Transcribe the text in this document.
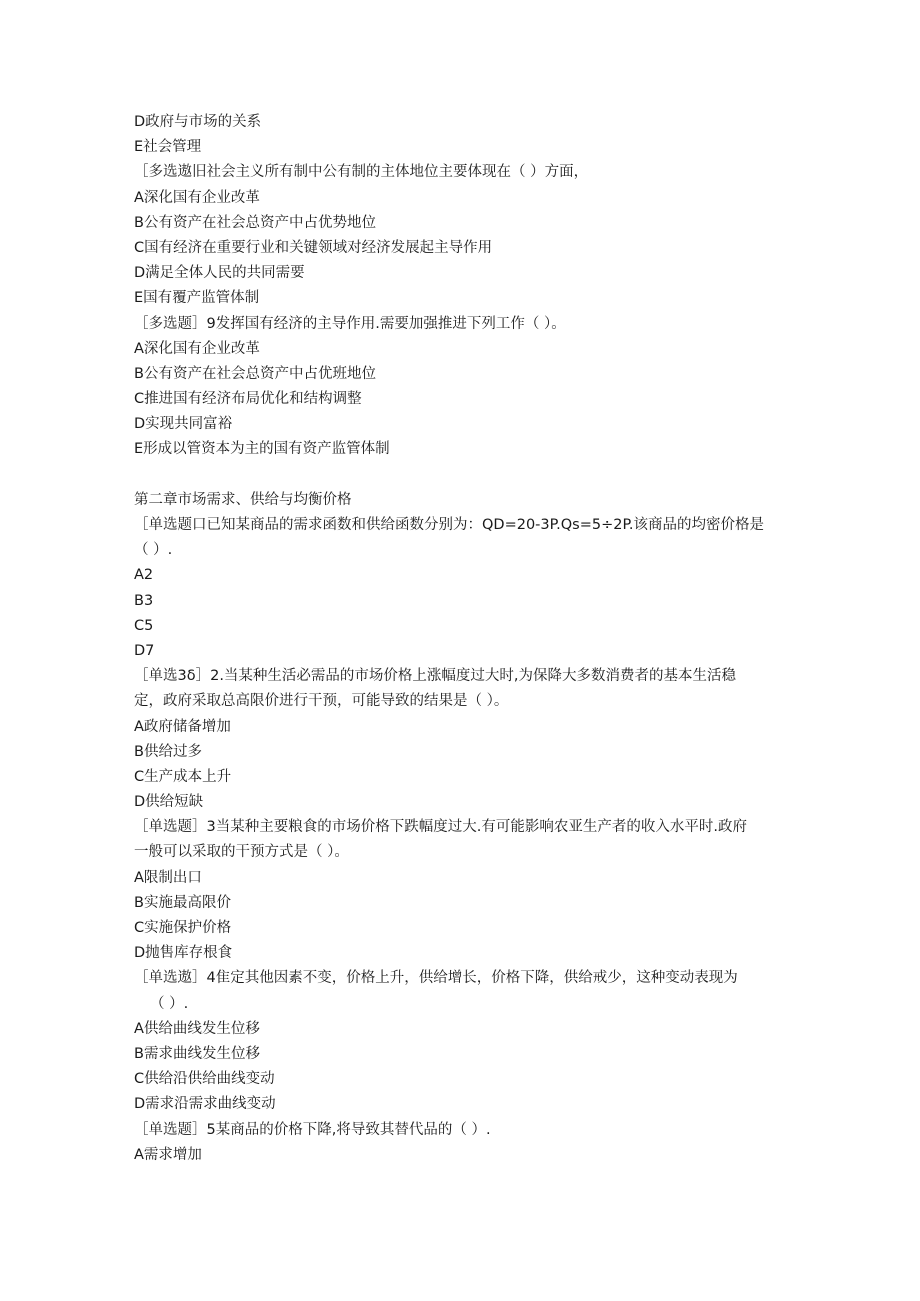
D政府与市场的关系
E社会管理
［多选遨旧社会主义所有制中公有制的主体地位主要体现在（ ）方面，
A深化国有企业改革
B公有资产在社会总资产中占优势地位
C国有经济在重要行业和关键领域对经济发展起主导作用
D满足全体人民的共同需要
E国有覆产监管体制
［多选题］9发挥国有经济的主导作用.需要加强推进下列工作（ ）。
A深化国有企业改革
B公有资产在社会总资产中占优班地位
C推进国有经济布局优化和结构调整
D实现共同富裕
E形成以管资本为主的国有资产监管体制
第二章市场需求、供给与均衡价格
［单选题口已知某商品的需求函数和供给函数分别为：QD=20-3P.Qs=5÷2P.该商品的均密价格是
（ ）.
A2
B3
C5
D7
［单选3δ］2.当某种生活必需品的市场价格上涨幅度过大时,为保降大多数消费者的基本生活稳
定，政府采取总高限价进行干预，可能导致的结果是（ ）。
A政府储备增加
B供给过多
C生产成本上升
D供给短缺
［单选题］3当某种主要粮食的市场价格下跌幅度过大.有可能影响农亚生产者的收入水平时.政府
一般可以采取的干预方式是（ ）。
A限制出口
B实施最高限价
C实施保护价格
D抛售库存根食
［单选遨］4隹定其他因素不变，价格上升，供给增长，价格下降，供给戒少，这种变动表现为
（ ）.
A供给曲线发生位移
B需求曲线发生位移
C供给沿供给曲线变动
D需求沿需求曲线变动
［单选题］5某商品的价格下降,将导致其替代品的（ ）.
A需求增加
